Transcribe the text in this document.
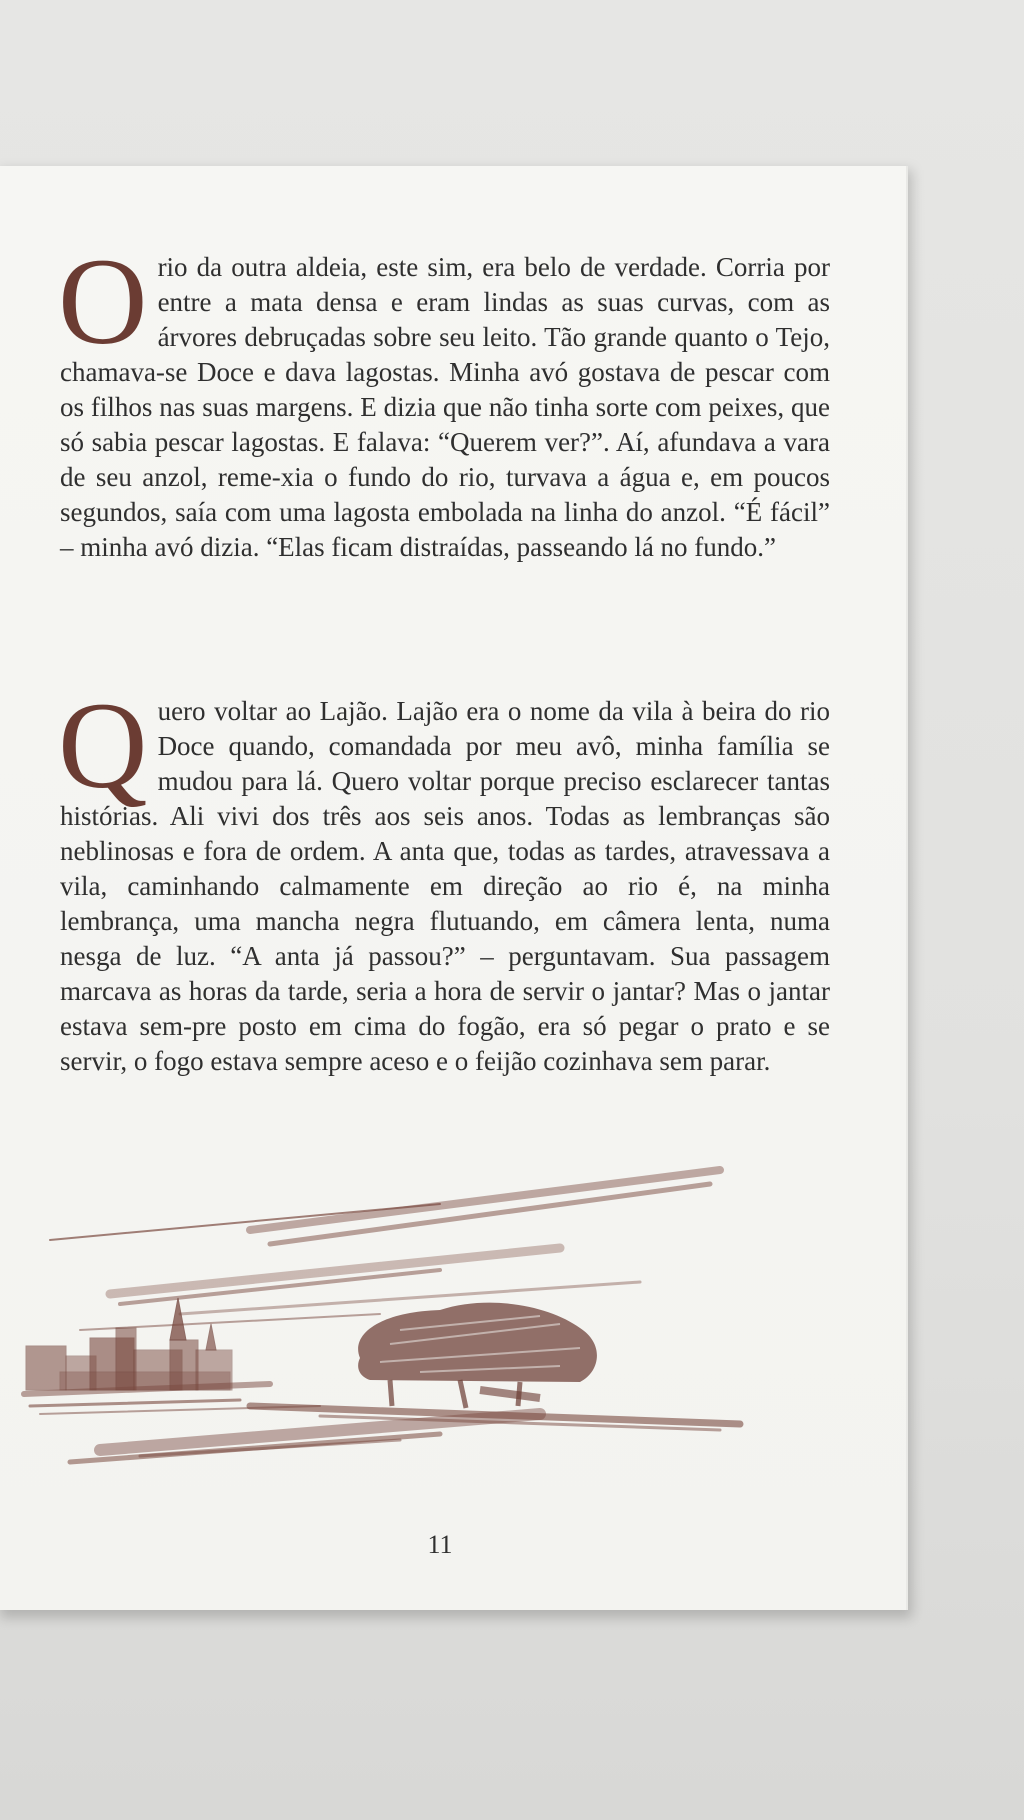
Orio da outra aldeia, este sim, era belo de verdade. Corria por entre a mata densa e eram lindas as suas curvas, com as árvores debruçadas sobre seu leito. Tão grande quanto o Tejo, chamava-se Doce e dava lagostas. Minha avó gostava de pescar com os filhos nas suas margens. E dizia que não tinha sorte com peixes, que só sabia pescar lagostas. E falava: “Querem ver?”. Aí, afundava a vara de seu anzol, reme-xia o fundo do rio, turvava a água e, em poucos segundos, saía com uma lagosta embolada na linha do anzol. “É fácil” – minha avó dizia. “Elas ficam distraídas, passeando lá no fundo.”

Quero voltar ao Lajão. Lajão era o nome da vila à beira do rio Doce quando, comandada por meu avô, minha família se mudou para lá. Quero voltar porque preciso esclarecer tantas histórias. Ali vivi dos três aos seis anos. Todas as lembranças são neblinosas e fora de ordem. A anta que, todas as tardes, atravessava a vila, caminhando calmamente em direção ao rio é, na minha lembrança, uma mancha negra flutuando, em câmera lenta, numa nesga de luz. “A anta já passou?” – perguntavam. Sua passagem marcava as horas da tarde, seria a hora de servir o jantar? Mas o jantar estava sem-pre posto em cima do fogão, era só pegar o prato e se servir, o fogo estava sempre aceso e o feijão cozinhava sem parar.

11
